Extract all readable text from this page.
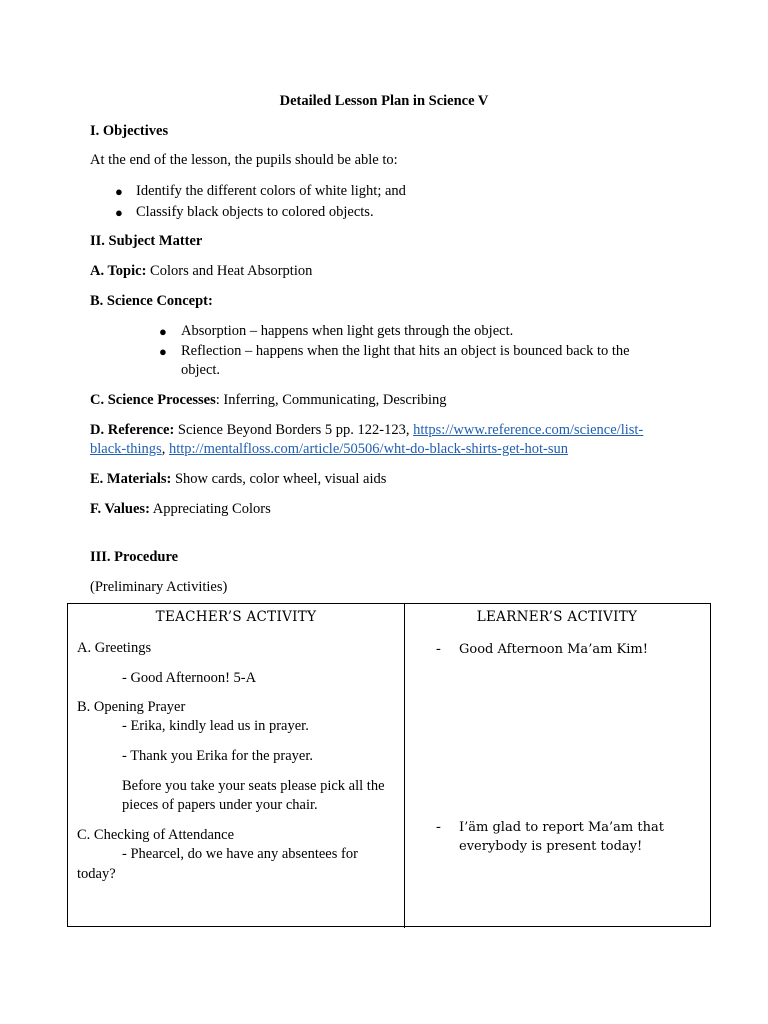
Detailed Lesson Plan in Science V
I. Objectives
At the end of the lesson, the pupils should be able to:
● Identify the different colors of white light; and
● Classify black objects to colored objects.
II. Subject Matter
A. Topic: Colors and Heat Absorption
B. Science Concept:
● Absorption – happens when light gets through the object.
● Reflection – happens when the light that hits an object is bounced back to the
object.
C. Science Processes: Inferring, Communicating, Describing
D. Reference: Science Beyond Borders 5 pp. 122-123, https://www.reference.com/science/list-
black-things, http://mentalfloss.com/article/50506/wht-do-black-shirts-get-hot-sun
E. Materials: Show cards, color wheel, visual aids
F. Values: Appreciating Colors
III. Procedure
(Preliminary Activities)
TEACHER’S ACTIVITY	LEARNER’S ACTIVITY
A. Greetings
- Good Afternoon! 5-A
B. Opening Prayer
- Erika, kindly lead us in prayer.
- Thank you Erika for the prayer.
Before you take your seats please pick all the
pieces of papers under your chair.
C. Checking of Attendance
- Phearcel, do we have any absentees for
today?
- Good Afternoon Ma’am Kim!
- I’äm glad to report Ma’am that
everybody is present today!
